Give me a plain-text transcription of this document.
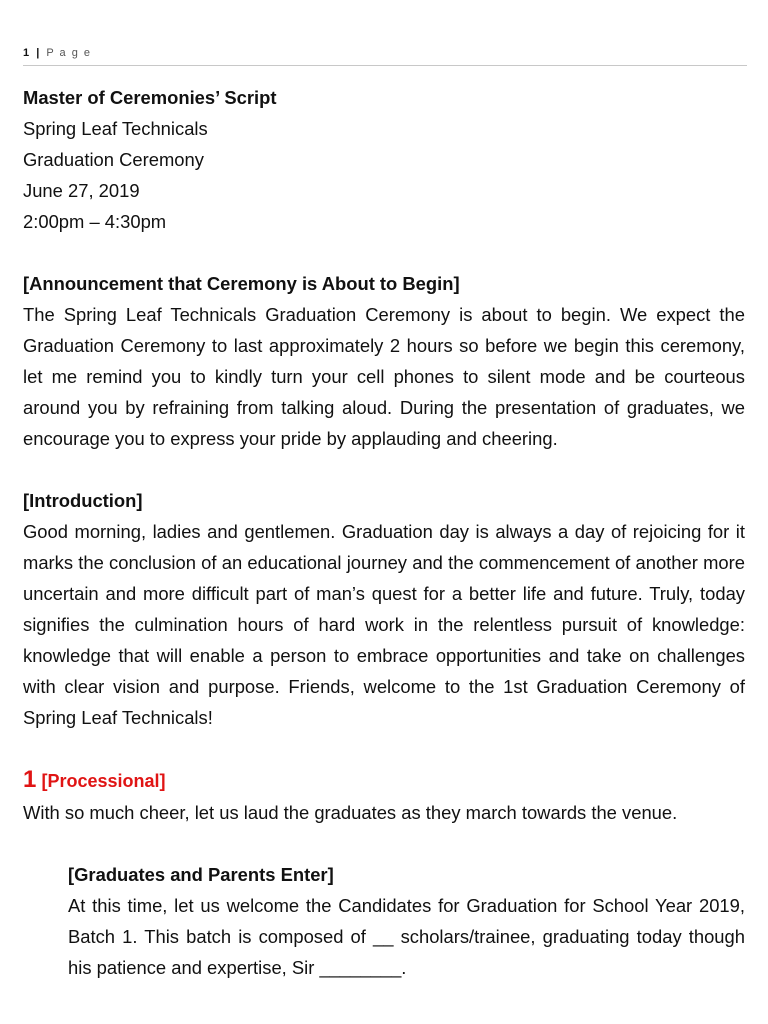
1 | P a g e
Master of Ceremonies’ Script
Spring Leaf Technicals
Graduation Ceremony
June 27, 2019
2:00pm – 4:30pm
[Announcement that Ceremony is About to Begin]

The Spring Leaf Technicals Graduation Ceremony is about to begin. We expect the Graduation Ceremony to last approximately 2 hours so before we begin this ceremony, let me remind you to kindly turn your cell phones to silent mode and be courteous around you by refraining from talking aloud. During the presentation of graduates, we encourage you to express your pride by applauding and cheering.

[Introduction]

Good morning, ladies and gentlemen. Graduation day is always a day of rejoicing for it marks the conclusion of an educational journey and the commencement of another more uncertain and more difficult part of man’s quest for a better life and future. Truly, today signifies the culmination hours of hard work in the relentless pursuit of knowledge: knowledge that will enable a person to embrace opportunities and take on challenges with clear vision and purpose. Friends, welcome to the 1st Graduation Ceremony of Spring Leaf Technicals!

1 [Processional]

With so much cheer, let us laud the graduates as they march towards the venue.

[Graduates and Parents Enter]

At this time, let us welcome the Candidates for Graduation for School Year 2019, Batch 1. This batch is composed of __ scholars/trainee, graduating today though his patience and expertise, Sir ________.
